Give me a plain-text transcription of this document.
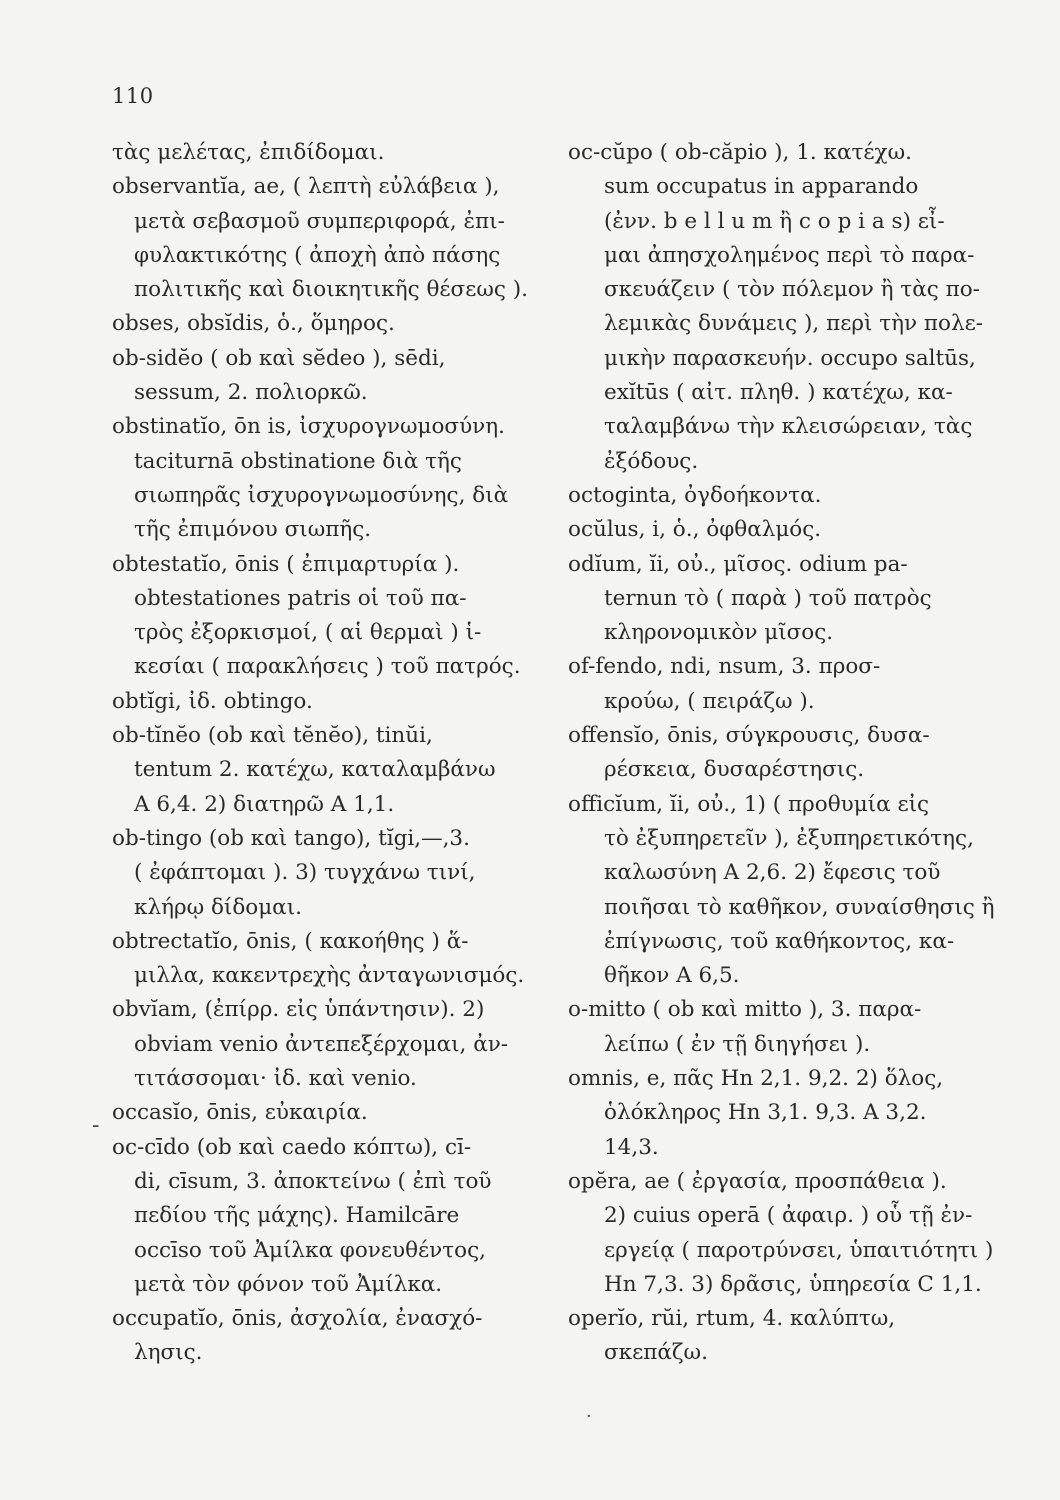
110
τὰς μελέτας, ἐπιδίδομαι.
observantĭa, ae, ( λεπτὴ εὐλάβεια ),
μετὰ σεβασμοῦ συμπεριφορά, ἐπι-
φυλακτικότης ( ἀποχὴ ἀπὸ πάσης
πολιτικῆς καὶ διοικητικῆς θέσεως ).
obses, obsĭdis, ὁ., ὅμηρος.
ob-sidĕo ( ob καὶ sĕdeo ), sēdi,
sessum, 2. πολιορκῶ.
obstinatĭo, ōn is, ἰσχυρογνωμοσύνη.
taciturnā obstinatione διὰ τῆς
σιωπηρᾶς ἰσχυρογνωμοσύνης, διὰ
τῆς ἐπιμόνου σιωπῆς.
obtestatĭo, ōnis ( ἐπιμαρτυρία ).
obtestationes patris οἱ τοῦ πα-
τρὸς ἐξορκισμοί, ( αἱ θερμαὶ ) ἱ-
κεσίαι ( παρακλήσεις ) τοῦ πατρός.
obtĭgi, ἰδ. obtingo.
ob-tĭnĕo (ob καὶ tĕnĕo), tinŭi,
tentum 2. κατέχω, καταλαμβάνω
A 6,4. 2) διατηρῶ A 1,1.
ob-tingo (ob καὶ tango), tĭgi,—,3.
( ἐφάπτομαι ). 3) τυγχάνω τινί,
κλήρῳ δίδομαι.
obtrectatĭo, ōnis, ( κακοήθης ) ἅ-
μιλλα, κακεντρεχὴς ἀνταγωνισμός.
obvĭam, (ἐπίρρ. εἰς ὑπάντησιν). 2)
obviam venio ἀντεπεξέρχομαι, ἀν-
τιτάσσομαι· ἰδ. καὶ venio.
occasĭo, ōnis, εὐκαιρία.
oc-cīdo (ob καὶ caedo κόπτω), cī-
di, cīsum, 3. ἀποκτείνω ( ἐπὶ τοῦ
πεδίου τῆς μάχης). Hamilcāre
occīso τοῦ Ἀμίλκα φονευθέντος,
μετὰ τὸν φόνον τοῦ Ἀμίλκα.
occupatĭo, ōnis, ἀσχολία, ἐνασχό-
λησις.
oc-cŭpo ( ob-căpio ), 1. κατέχω.
sum occupatus in apparando
(ἐνν. b e l l u m ἢ c o p i a s) εἶ-
μαι ἀπησχολημένος περὶ τὸ παρα-
σκευάζειν ( τὸν πόλεμον ἢ τὰς πο-
λεμικὰς δυνάμεις ), περὶ τὴν πολε-
μικὴν παρασκευήν. occupo saltūs,
exĭtūs ( αἰτ. πληθ. ) κατέχω, κα-
ταλαμβάνω τὴν κλεισώρειαν, τὰς
ἐξόδους.
octoginta, ὀγδοήκοντα.
ocŭlus, i, ὁ., ὀφθαλμός.
odĭum, ĭi, οὐ., μῖσος. odium pa-
ternun τὸ ( παρὰ ) τοῦ πατρὸς
κληρονομικὸν μῖσος.
of-fendo, ndi, nsum, 3. προσ-
κρούω, ( πειράζω ).
offensĭo, ōnis, σύγκρουσις, δυσα-
ρέσκεια, δυσαρέστησις.
officĭum, ĭi, οὐ., 1) ( προθυμία εἰς
τὸ ἐξυπηρετεῖν ), ἐξυπηρετικότης,
καλωσύνη A 2,6. 2) ἔφεσις τοῦ
ποιῆσαι τὸ καθῆκον, συναίσθησις ἢ
ἐπίγνωσις, τοῦ καθήκοντος, κα-
θῆκον A 6,5.
o-mitto ( ob καὶ mitto ), 3. παρα-
λείπω ( ἐν τῇ διηγήσει ).
omnis, e, πᾶς Hn 2,1. 9,2. 2) ὅλος,
ὁλόκληρος Hn 3,1. 9,3. A 3,2.
14,3.
opĕra, ae ( ἐργασία, προσπάθεια ).
2) cuius operā ( ἀφαιρ. ) οὗ τῇ ἐν-
εργείᾳ ( παροτρύνσει, ὑπαιτιότητι )
Hn 7,3. 3) δρᾶσις, ὑπηρεσία C 1,1.
operĭo, rŭi, rtum, 4. καλύπτω,
σκεπάζω.
-
·
